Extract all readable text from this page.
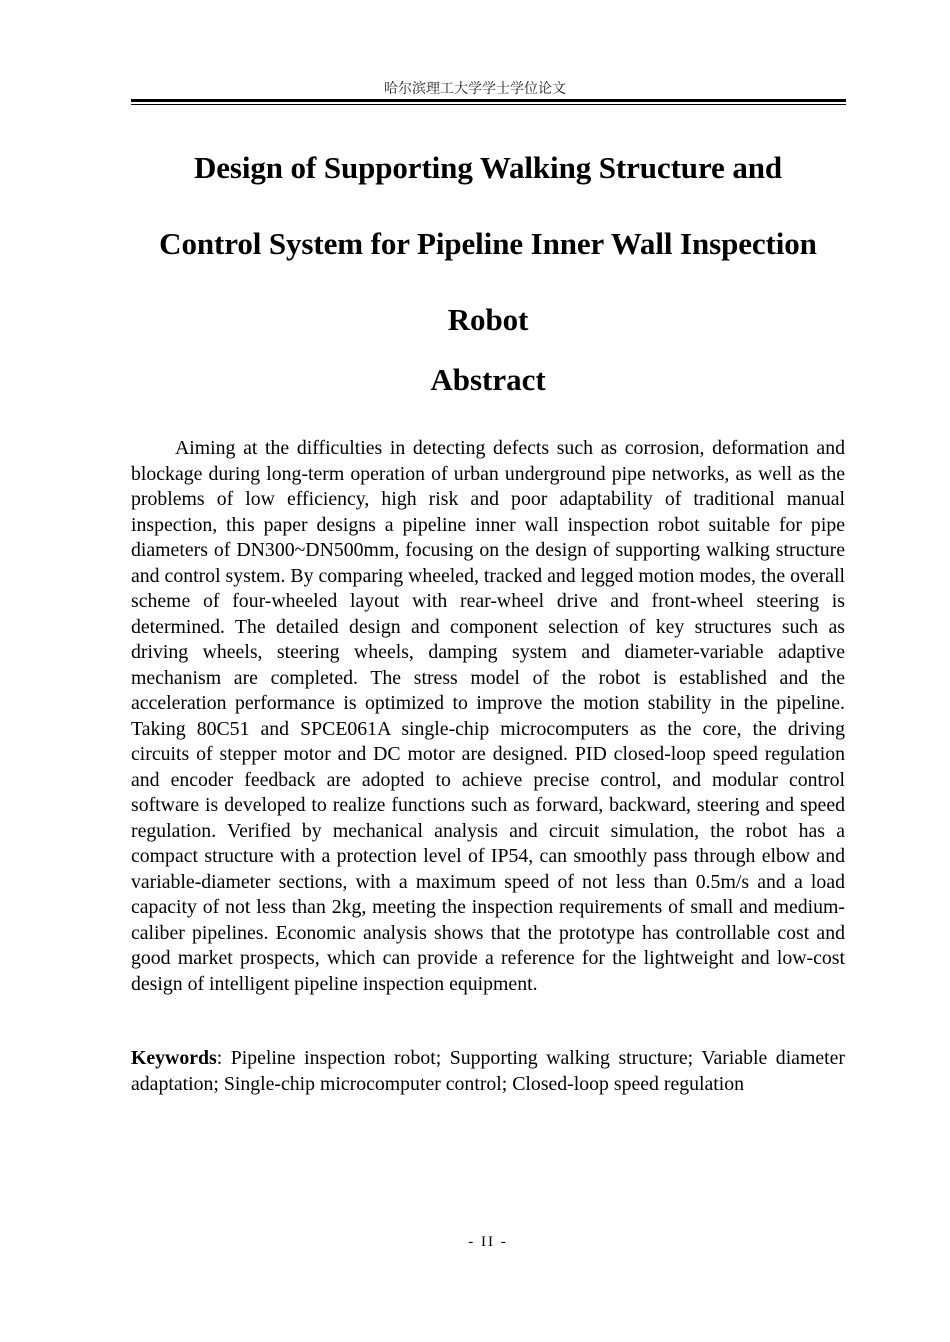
哈尔滨理工大学学士学位论文
Design of Supporting Walking Structure and
Control System for Pipeline Inner Wall Inspection
Robot
Abstract

Aiming at the difficulties in detecting defects such as corrosion, deformation and blockage during long-term operation of urban underground pipe networks, as well as the problems of low efficiency, high risk and poor adaptability of traditional manual inspection, this paper designs a pipeline inner wall inspection robot suitable for pipe diameters of DN300~DN500mm, focusing on the design of supporting walking structure and control system. By comparing wheeled, tracked and legged motion modes, the overall scheme of four-wheeled layout with rear-wheel drive and front-wheel steering is determined. The detailed design and component selection of key structures such as driving wheels, steering wheels, damping system and diameter-variable adaptive mechanism are completed. The stress model of the robot is established and the acceleration performance is optimized to improve the motion stability in the pipeline. Taking 80C51 and SPCE061A single-chip microcomputers as the core, the driving circuits of stepper motor and DC motor are designed. PID closed-loop speed regulation and encoder feedback are adopted to achieve precise control, and modular control software is developed to realize functions such as forward, backward, steering and speed regulation. Verified by mechanical analysis and circuit simulation, the robot has a compact structure with a protection level of IP54, can smoothly pass through elbow and variable-diameter sections, with a maximum speed of not less than 0.5m/s and a load capacity of not less than 2kg, meeting the inspection requirements of small and medium-caliber pipelines. Economic analysis shows that the prototype has controllable cost and good market prospects, which can provide a reference for the lightweight and low-cost design of intelligent pipeline inspection equipment.

Keywords: Pipeline inspection robot; Supporting walking structure; Variable diameter adaptation; Single-chip microcomputer control; Closed-loop speed regulation

- II -
